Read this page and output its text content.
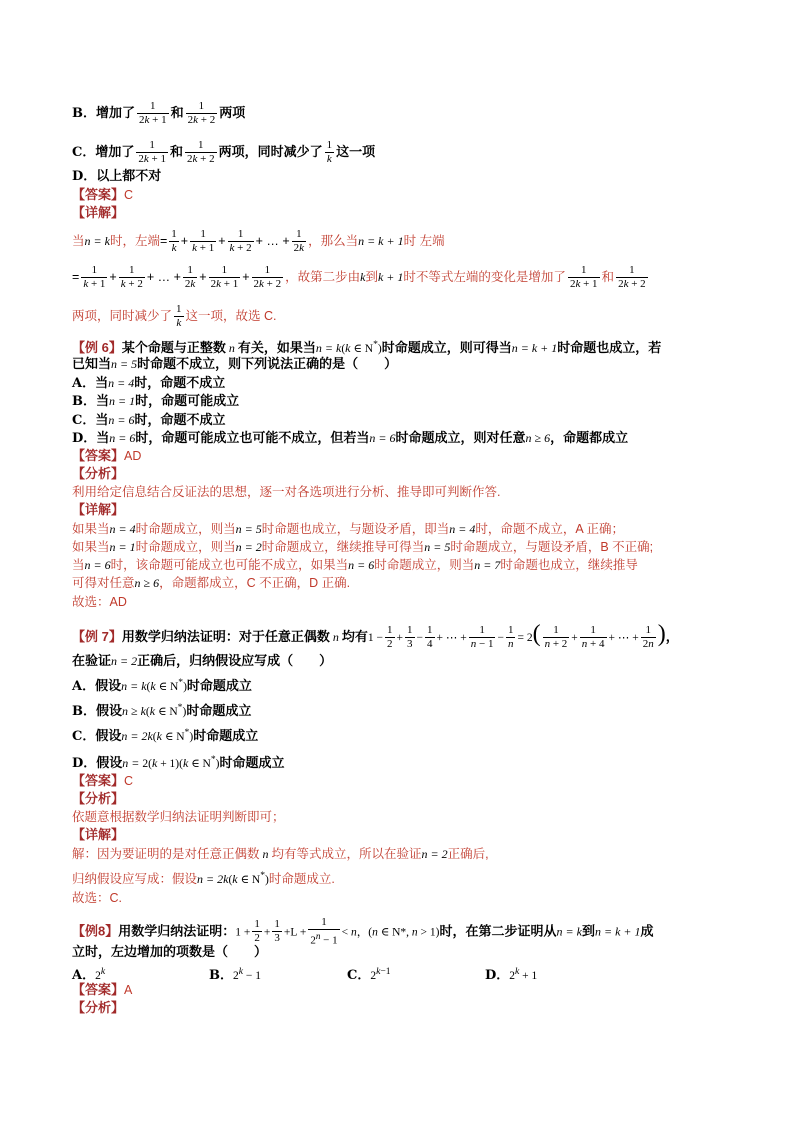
B．增加了 $\frac{1}{2k + 1}$ 和 $\frac{1}{2k + 2}$ 两项
C．增加了 $\frac{1}{2k + 1}$ 和 $\frac{1}{2k + 2}$ 两项，同时减少了 $\frac{1}{k}$ 这一项
D．以上都不对
【答案】C
【详解】
当n = k时，左端= $\frac{1}{k} + \frac{1}{k + 1} + \frac{1}{k + 2}$ + … + $\frac{1}{2k}$ ，那么当n = k + 1时 左端
= $\frac{1}{k + 1} + \frac{1}{k + 2}$ + … + $\frac{1}{2k} + \frac{1}{2k + 1} + \frac{1}{2k + 2}$ ，故第二步由k到k + 1时不等式左端的变化是增加了 $\frac{1}{2k + 1}$ 和 $\frac{1}{2k + 2}$
两项，同时减少了 $\frac{1}{k}$ 这一项，故选 C.
【例 6】某个命题与正整数 n 有关，如果当n = k(k ∈ N*)时命题成立，则可得当n = k + 1时命题也成立，若
已知当n = 5时命题不成立，则下列说法正确的是（　　）
A．当n = 4时，命题不成立
B．当n = 1时，命题可能成立
C．当n = 6时，命题不成立
D．当n = 6时，命题可能成立也可能不成立，但若当n = 6时命题成立，则对任意n ≥ 6，命题都成立
【答案】AD
【分析】
利用给定信息结合反证法的思想，逐一对各选项进行分析、推导即可判断作答.
【详解】
如果当n = 4时命题成立，则当n = 5时命题也成立，与题设矛盾，即当n = 4时，命题不成立，A 正确；
如果当n = 1时命题成立，则当n = 2时命题成立，继续推导可得当n = 5时命题成立，与题设矛盾，B 不正确;
当n = 6时，该命题可能成立也可能不成立，如果当n = 6时命题成立，则当n = 7时命题也成立，继续推导
可得对任意n ≥ 6，命题都成立，C 不正确，D 正确.
故选：AD
【例 7】用数学归纳法证明：对于任意正偶数 n 均有$1 - \frac{1}{2} + \frac{1}{3} - \frac{1}{4}$ + ⋯ + $\frac{1}{n - 1} - \frac{1}{n} = 2( \frac{1}{n + 2} + \frac{1}{n + 4}$ + ⋯ + $\frac{1}{2n}$ )，
在验证n = 2正确后，归纳假设应写成（　　）
A．假设n = k(k ∈ N*)时命题成立
B．假设n ≥ k(k ∈ N*)时命题成立
C．假设n = 2k(k ∈ N*)时命题成立
D．假设n = 2(k + 1)(k ∈ N*)时命题成立
【答案】C
【分析】
依题意根据数学归纳法证明判断即可；
【详解】
解：因为要证明的是对任意正偶数 n 均有等式成立，所以在验证n = 2正确后,
归纳假设应写成：假设n = 2k(k ∈ N*)时命题成立.
故选：C.
【例8】用数学归纳法证明：$1 + \frac{1}{2} + \frac{1}{3} +L + \frac{1}{2^n - 1} < n$，(n ∈ N*, n > 1)时，在第二步证明从n = k到n = k + 1成
立时，左边增加的项数是（　　）
A．2$^k$	B．$2^k - 1$	C．$2^{k-1}$	D．$2^k + 1$
【答案】A
【分析】
